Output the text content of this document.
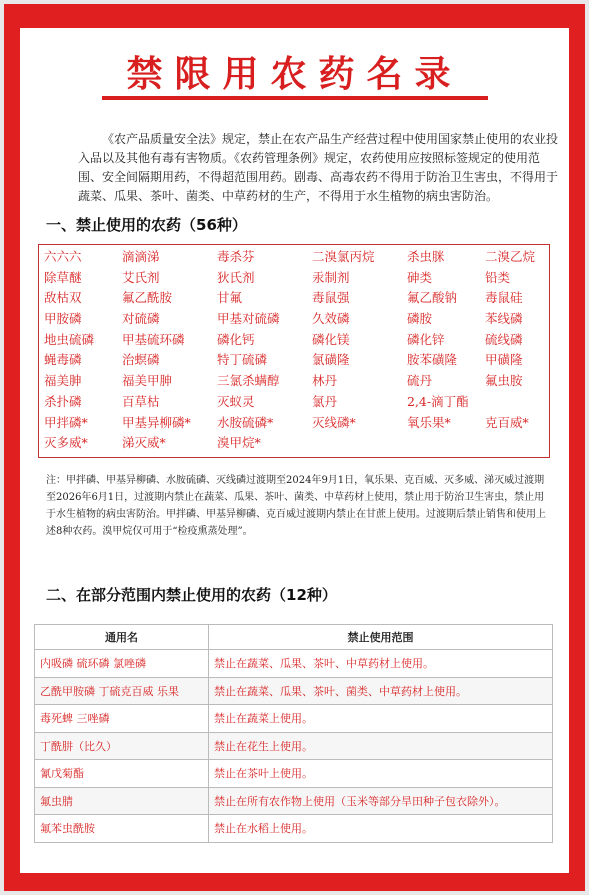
禁限用农药名录

《农产品质量安全法》规定，禁止在农产品生产经营过程中使用国家禁止使用的农业投入品以及其他有毒有害物质。《农药管理条例》规定，农药使用应按照标签规定的使用范围、安全间隔期用药，不得超范围用药。剧毒、高毒农药不得用于防治卫生害虫，不得用于蔬菜、瓜果、茶叶、菌类、中草药材的生产，不得用于水生植物的病虫害防治。

一、禁止使用的农药（56种）
六六六	滴滴涕	毒杀芬	二溴氯丙烷	杀虫脒	二溴乙烷
除草醚	艾氏剂	狄氏剂	汞制剂	砷类	铅类
敌枯双	氟乙酰胺	甘氟	毒鼠强	氟乙酸钠	毒鼠硅
甲胺磷	对硫磷	甲基对硫磷	久效磷	磷胺	苯线磷
地虫硫磷	甲基硫环磷	磷化钙	磷化镁	磷化锌	硫线磷
蝇毒磷	治螟磷	特丁硫磷	氯磺隆	胺苯磺隆	甲磺隆
福美胂	福美甲胂	三氯杀螨醇	林丹	硫丹	氟虫胺
杀扑磷	百草枯	灭蚁灵	氯丹	2,4-滴丁酯
甲拌磷*	甲基异柳磷*	水胺硫磷*	灭线磷*	氧乐果*	克百威*
灭多威*	涕灭威*	溴甲烷*

注：甲拌磷、甲基异柳磷、水胺硫磷、灭线磷过渡期至2024年9月1日，氧乐果、克百威、灭多威、涕灭威过渡期至2026年6月1日，过渡期内禁止在蔬菜、瓜果、茶叶、菌类、中草药材上使用，禁止用于防治卫生害虫，禁止用于水生植物的病虫害防治。甲拌磷、甲基异柳磷、克百威过渡期内禁止在甘蔗上使用。过渡期后禁止销售和使用上述8种农药。溴甲烷仅可用于“检疫熏蒸处理”。

二、在部分范围内禁止使用的农药（12种）
通用名	禁止使用范围
内吸磷 硫环磷 氯唑磷	禁止在蔬菜、瓜果、茶叶、中草药材上使用。
乙酰甲胺磷 丁硫克百威 乐果	禁止在蔬菜、瓜果、茶叶、菌类、中草药材上使用。
毒死蜱 三唑磷	禁止在蔬菜上使用。
丁酰肼（比久）	禁止在花生上使用。
氰戊菊酯	禁止在茶叶上使用。
氟虫腈	禁止在所有农作物上使用（玉米等部分旱田种子包衣除外）。
氟苯虫酰胺	禁止在水稻上使用。
